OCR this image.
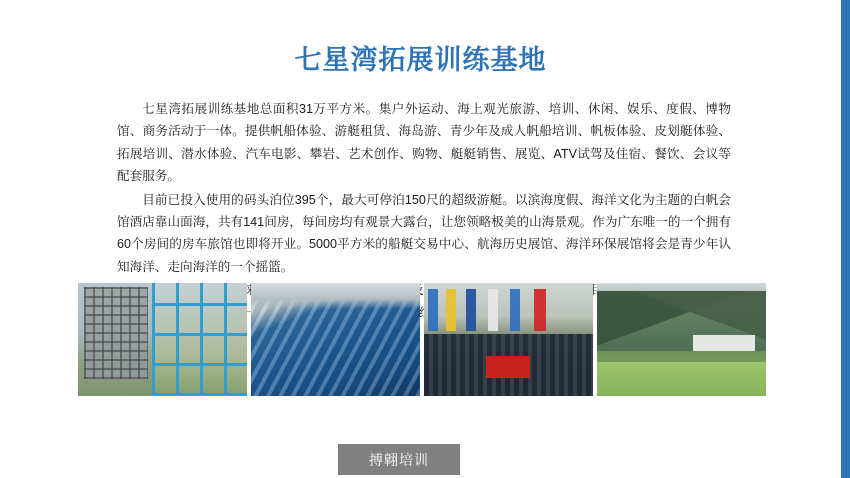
七星湾拓展训练基地

七星湾拓展训练基地总面积31万平方米。集户外运动、海上观光旅游、培训、休闲、娱乐、度假、博物馆、商务活动于一体。提供帆船体验、游艇租赁、海岛游、青少年及成人帆船培训、帆板体验、皮划艇体验、拓展培训、潜水体验、汽车电影、攀岩、艺术创作、购物、艇艇销售、展览、ATV试驾及住宿、餐饮、会议等配套服务。

目前已投入使用的码头泊位395个，最大可停泊150尺的超级游艇。以滨海度假、海洋文化为主题的白帆会馆酒店靠山面海，共有141间房，每间房均有观景大露台，让您领略极美的山海景观。作为广东唯一的一个拥有60个房间的房车旅馆也即将开业。5000平方米的船艇交易中心、航海历史展馆、海洋环保展馆将会是青少年认知海洋、走向海洋的一个摇篮。

搏翺培训
